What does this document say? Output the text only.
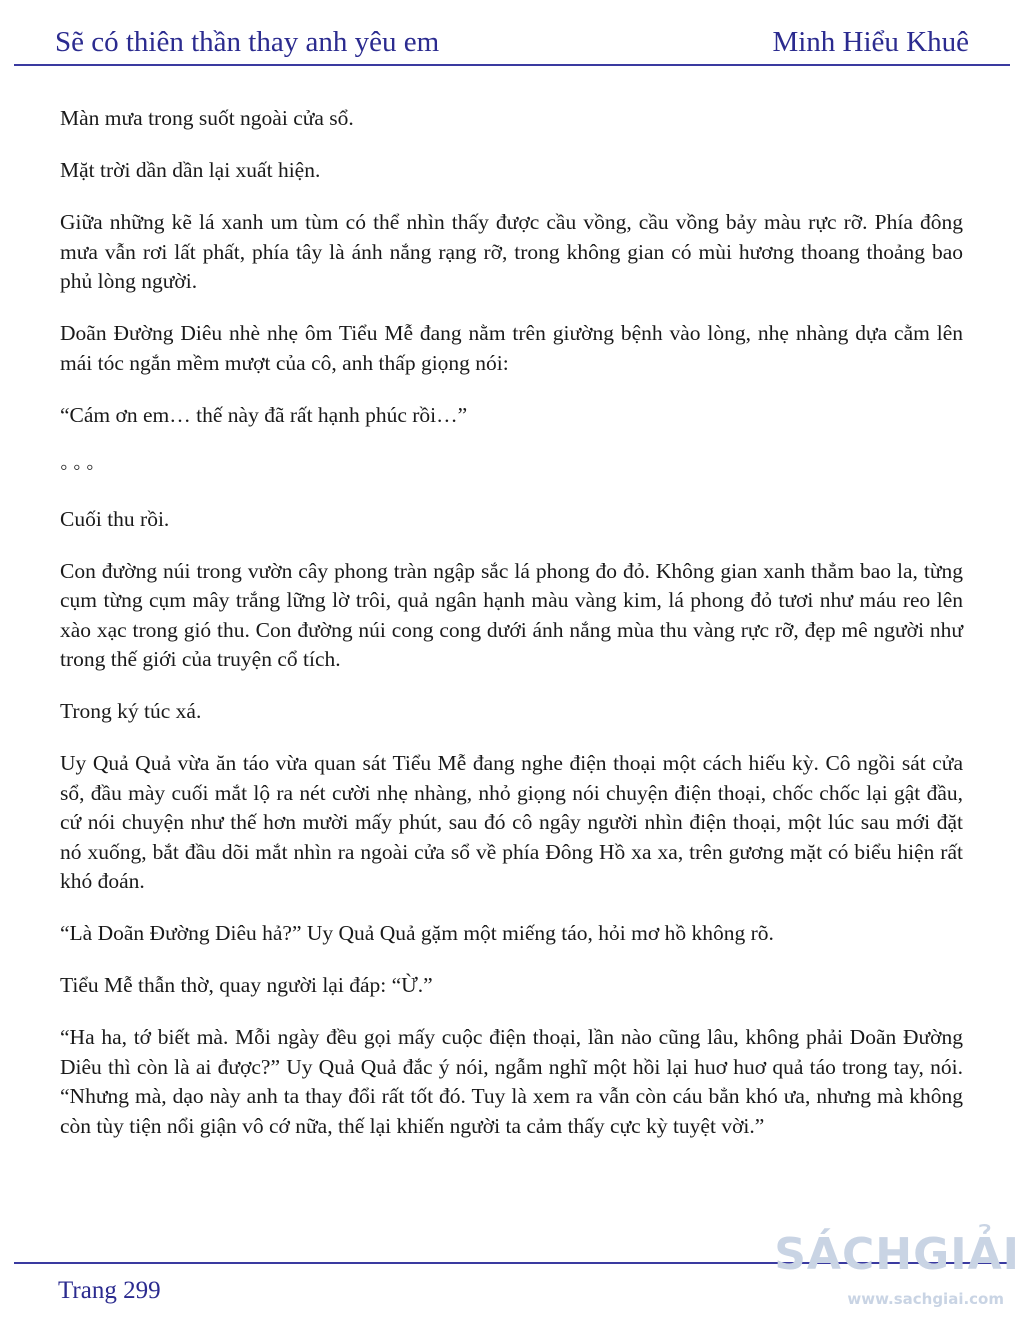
Sẽ có thiên thần thay anh yêu em	Minh Hiểu Khuê

Màn mưa trong suốt ngoài cửa sổ.

Mặt trời dần dần lại xuất hiện.

Giữa những kẽ lá xanh um tùm có thể nhìn thấy được cầu vồng, cầu vồng bảy màu rực rỡ. Phía đông mưa vẫn rơi lất phất, phía tây là ánh nắng rạng rỡ, trong không gian có mùi hương thoang thoảng bao phủ lòng người.

Doãn Đường Diêu nhè nhẹ ôm Tiểu Mễ đang nằm trên giường bệnh vào lòng, nhẹ nhàng dựa cằm lên mái tóc ngắn mềm mượt của cô, anh thấp giọng nói:

“Cám ơn em… thế này đã rất hạnh phúc rồi…”

◦ ◦ ◦

Cuối thu rồi.

Con đường núi trong vườn cây phong tràn ngập sắc lá phong đo đỏ. Không gian xanh thẳm bao la, từng cụm từng cụm mây trắng lững lờ trôi, quả ngân hạnh màu vàng kim, lá phong đỏ tươi như máu reo lên xào xạc trong gió thu. Con đường núi cong cong dưới ánh nắng mùa thu vàng rực rỡ, đẹp mê người như trong thế giới của truyện cổ tích.

Trong ký túc xá.

Uy Quả Quả vừa ăn táo vừa quan sát Tiểu Mễ đang nghe điện thoại một cách hiếu kỳ. Cô ngồi sát cửa sổ, đầu mày cuối mắt lộ ra nét cười nhẹ nhàng, nhỏ giọng nói chuyện điện thoại, chốc chốc lại gật đầu, cứ nói chuyện như thế hơn mười mấy phút, sau đó cô ngây người nhìn điện thoại, một lúc sau mới đặt nó xuống, bắt đầu dõi mắt nhìn ra ngoài cửa sổ về phía Đông Hồ xa xa, trên gương mặt có biểu hiện rất khó đoán.

“Là Doãn Đường Diêu hả?” Uy Quả Quả gặm một miếng táo, hỏi mơ hồ không rõ.

Tiểu Mễ thẫn thờ, quay người lại đáp: “Ừ.”

“Ha ha, tớ biết mà. Mỗi ngày đều gọi mấy cuộc điện thoại, lần nào cũng lâu, không phải Doãn Đường Diêu thì còn là ai được?” Uy Quả Quả đắc ý nói, ngẫm nghĩ một hồi lại huơ huơ quả táo trong tay, nói. “Nhưng mà, dạo này anh ta thay đổi rất tốt đó. Tuy là xem ra vẫn còn cáu bẳn khó ưa, nhưng mà không còn tùy tiện nổi giận vô cớ nữa, thế lại khiến người ta cảm thấy cực kỳ tuyệt vời.”

Trang 299
SÁCHGIẢI
www.sachgiai.com
